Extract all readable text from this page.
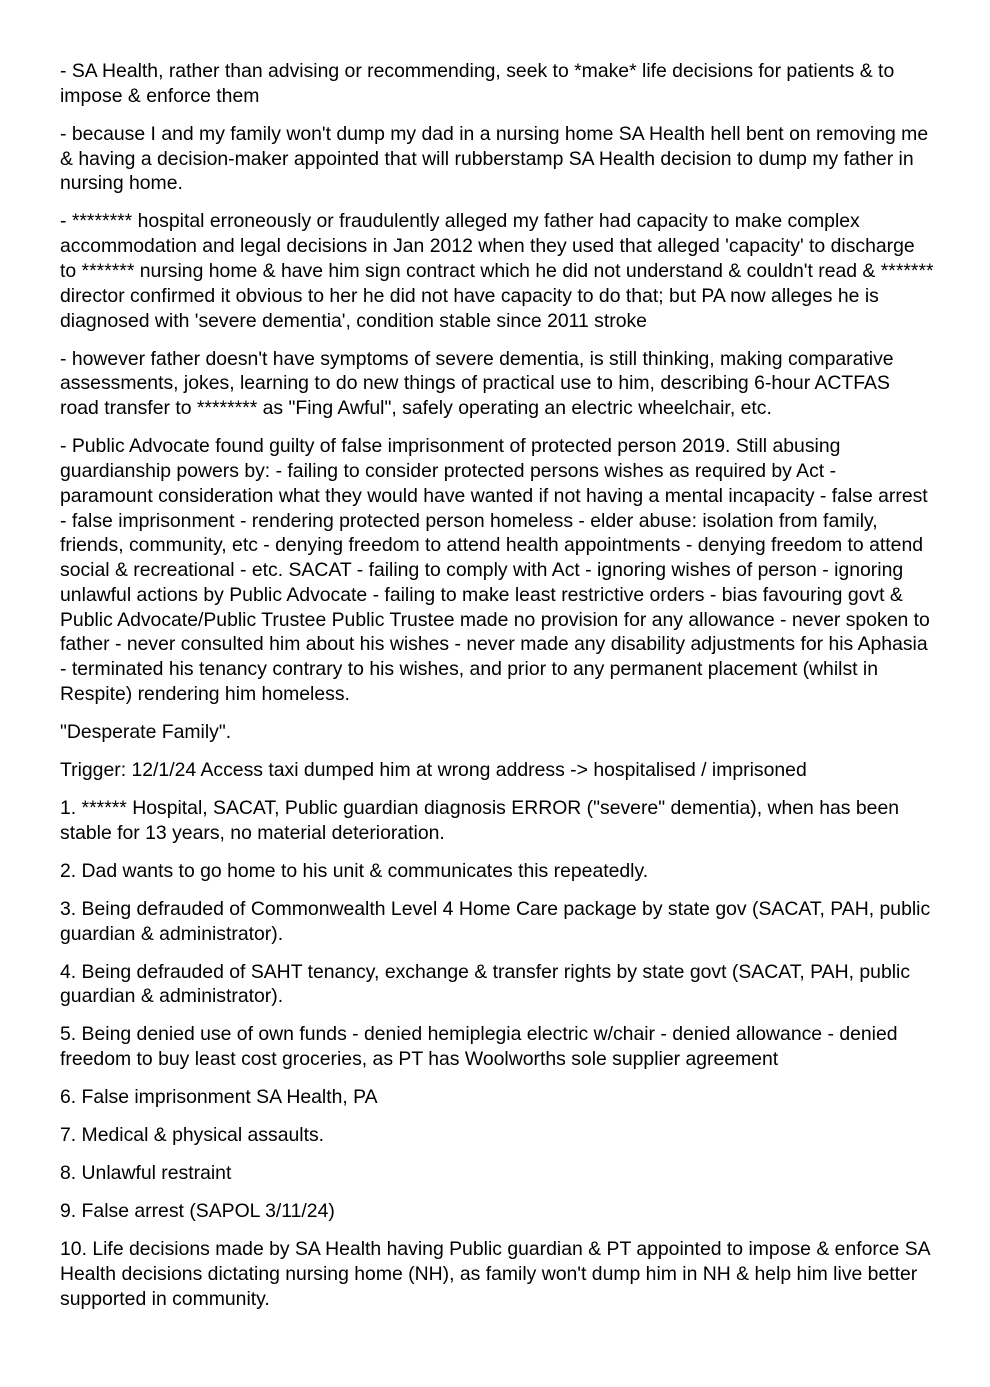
- SA Health, rather than advising or recommending, seek to *make* life decisions for patients & to impose & enforce them

- because I and my family won't dump my dad in a nursing home SA Health hell bent on removing me & having a decision-maker appointed that will rubberstamp SA Health decision to dump my father in nursing home.

- ******** hospital erroneously or fraudulently alleged my father had capacity to make complex accommodation and legal decisions in Jan 2012 when they used that alleged 'capacity' to discharge to ******* nursing home & have him sign contract which he did not understand & couldn't read & ******* director confirmed it obvious to her he did not have capacity to do that; but PA now alleges he is diagnosed with 'severe dementia', condition stable since 2011 stroke

- however father doesn't have symptoms of severe dementia, is still thinking, making comparative assessments, jokes, learning to do new things of practical use to him, describing 6-hour ACTFAS road transfer to ******** as "Fing Awful", safely operating an electric wheelchair, etc.

- Public Advocate found guilty of false imprisonment of protected person 2019. Still abusing guardianship powers by: - failing to consider protected persons wishes as required by Act - paramount consideration what they would have wanted if not having a mental incapacity - false arrest - false imprisonment - rendering protected person homeless - elder abuse: isolation from family, friends, community, etc - denying freedom to attend health appointments - denying freedom to attend social & recreational - etc. SACAT - failing to comply with Act - ignoring wishes of person - ignoring unlawful actions by Public Advocate - failing to make least restrictive orders - bias favouring govt & Public Advocate/Public Trustee Public Trustee made no provision for any allowance - never spoken to father - never consulted him about his wishes - never made any disability adjustments for his Aphasia - terminated his tenancy contrary to his wishes, and prior to any permanent placement (whilst in Respite) rendering him homeless.

"Desperate Family".

Trigger: 12/1/24 Access taxi dumped him at wrong address -> hospitalised / imprisoned

1. ****** Hospital, SACAT, Public guardian diagnosis ERROR ("severe" dementia), when has been stable for 13 years, no material deterioration.

2. Dad wants to go home to his unit & communicates this repeatedly.

3. Being defrauded of Commonwealth Level 4 Home Care package by state gov (SACAT, PAH, public guardian & administrator).

4. Being defrauded of SAHT tenancy, exchange & transfer rights by state govt (SACAT, PAH, public guardian & administrator).

5. Being denied use of own funds - denied hemiplegia electric w/chair - denied allowance - denied freedom to buy least cost groceries, as PT has Woolworths sole supplier agreement

6. False imprisonment SA Health, PA

7. Medical & physical assaults.

8. Unlawful restraint

9. False arrest (SAPOL 3/11/24)

10. Life decisions made by SA Health having Public guardian & PT appointed to impose & enforce SA Health decisions dictating nursing home (NH), as family won't dump him in NH & help him live better supported in community.
